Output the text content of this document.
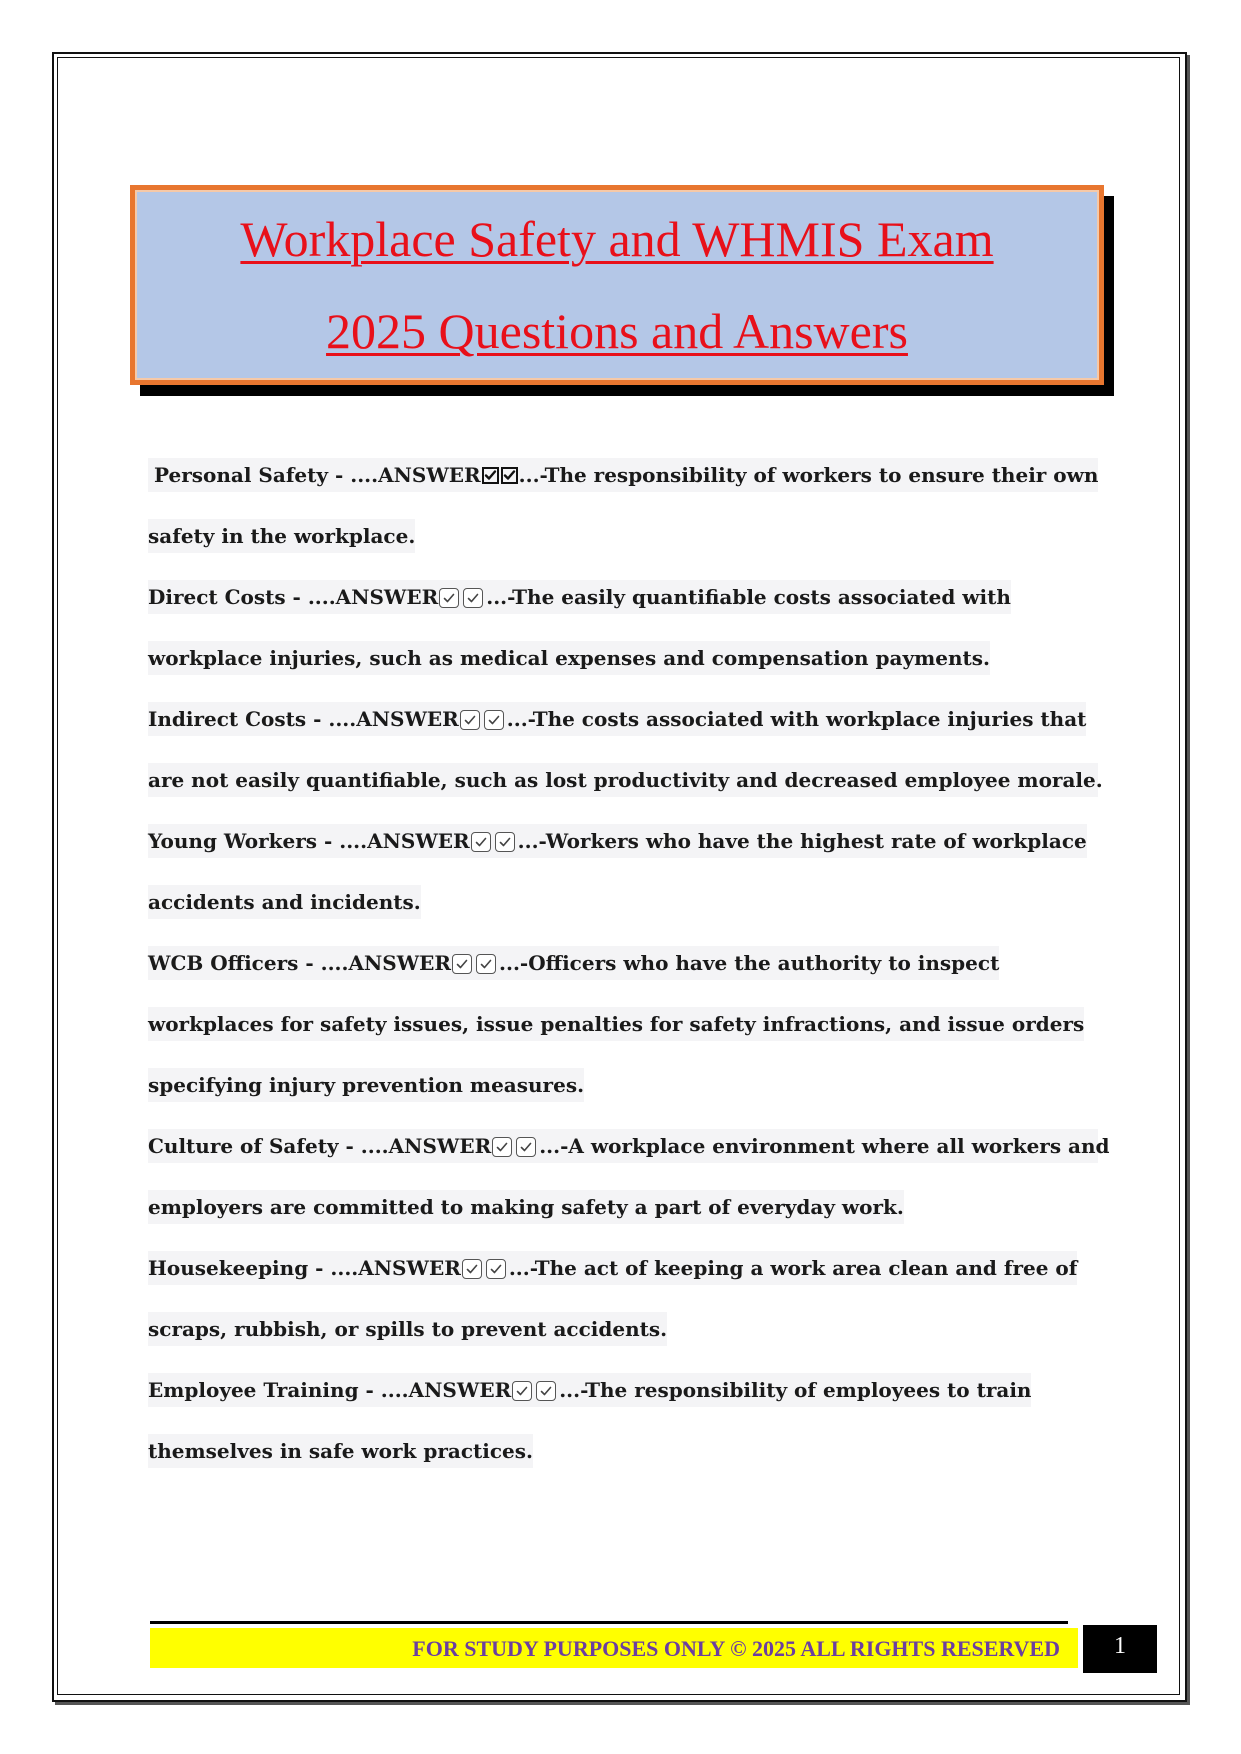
Workplace Safety and WHMIS Exam
2025 Questions and Answers
Personal Safety - ....ANSWER ...-The responsibility of workers to ensure their own
safety in the workplace.
Direct Costs - ....ANSWER ...-The easily quantifiable costs associated with
workplace injuries, such as medical expenses and compensation payments.
Indirect Costs - ....ANSWER ...-The costs associated with workplace injuries that
are not easily quantifiable, such as lost productivity and decreased employee morale.
Young Workers - ....ANSWER ...-Workers who have the highest rate of workplace
accidents and incidents.
WCB Officers - ....ANSWER ...-Officers who have the authority to inspect
workplaces for safety issues, issue penalties for safety infractions, and issue orders
specifying injury prevention measures.
Culture of Safety - ....ANSWER ...-A workplace environment where all workers and
employers are committed to making safety a part of everyday work.
Housekeeping - ....ANSWER ...-The act of keeping a work area clean and free of
scraps, rubbish, or spills to prevent accidents.
Employee Training - ....ANSWER ...-The responsibility of employees to train
themselves in safe work practices.
FOR STUDY PURPOSES ONLY © 2025 ALL RIGHTS RESERVED	1
